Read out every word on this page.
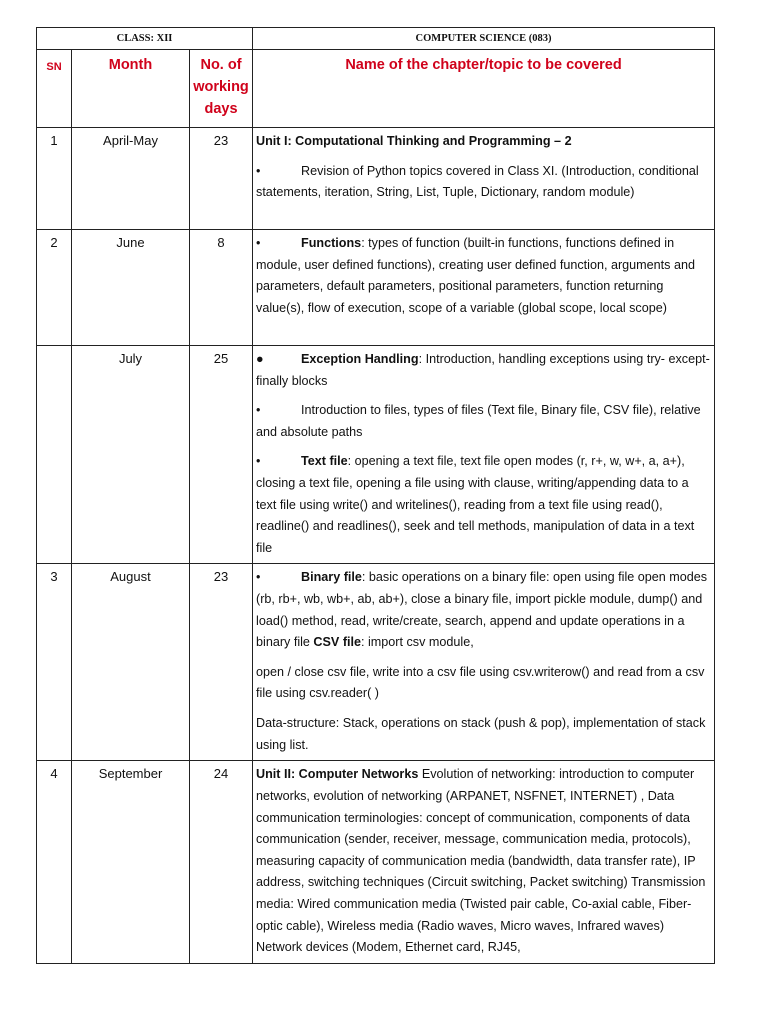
CLASS: XII			COMPUTER SCIENCE (083)
SN	Month	No. of working days	Name of the chapter/topic to be covered
1	April-May	23	Unit I: Computational Thinking and Programming – 2

• Revision of Python topics covered in Class XI. (Introduction, conditional statements, iteration, String, List, Tuple, Dictionary, random module)

2	June	8	• Functions: types of function (built-in functions, functions defined in module, user defined functions), creating user defined function, arguments and parameters, default parameters, positional parameters, function returning value(s), flow of execution, scope of a variable (global scope, local scope)

	July	25	● Exception Handling: Introduction, handling exceptions using try- except- finally blocks

• Introduction to files, types of files (Text file, Binary file, CSV file), relative and absolute paths

• Text file: opening a text file, text file open modes (r, r+, w, w+, a, a+), closing a text file, opening a file using with clause, writing/appending data to a text file using write() and writelines(), reading from a text file using read(), readline() and readlines(), seek and tell methods, manipulation of data in a text file

3	August	23	• Binary file: basic operations on a binary file: open using file open modes (rb, rb+, wb, wb+, ab, ab+), close a binary file, import pickle module, dump() and load() method, read, write/create, search, append and update operations in a binary file CSV file: import csv module,

open / close csv file, write into a csv file using csv.writerow() and read from a csv file using csv.reader( )

Data-structure: Stack, operations on stack (push & pop), implementation of stack using list.

4	September	24	Unit II: Computer Networks Evolution of networking: introduction to computer networks, evolution of networking (ARPANET, NSFNET, INTERNET) , Data communication terminologies: concept of communication, components of data communication (sender, receiver, message, communication media, protocols), measuring capacity of communication media (bandwidth, data transfer rate), IP address, switching techniques (Circuit switching, Packet switching) Transmission media: Wired communication media (Twisted pair cable, Co-axial cable, Fiber-optic cable), Wireless media (Radio waves, Micro waves, Infrared waves) Network devices (Modem, Ethernet card, RJ45,
